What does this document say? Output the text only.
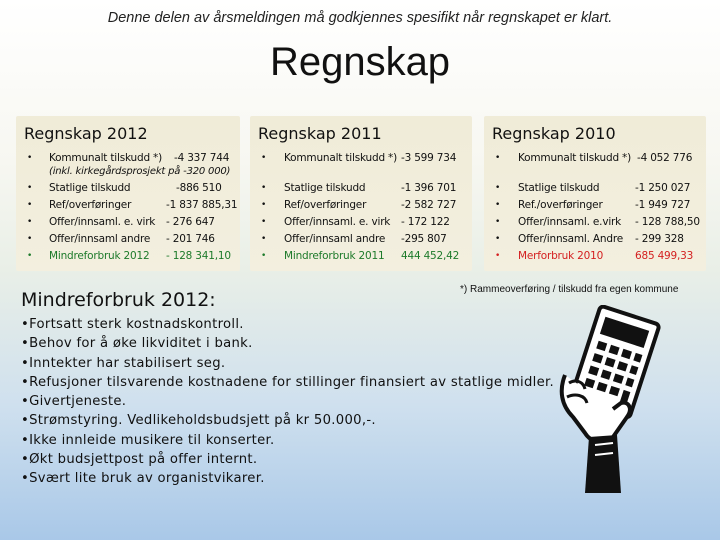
Denne delen av årsmeldingen må godkjennes spesifikt når regnskapet er klart.
Regnskap
Regnskap 2012
• Kommunalt tilskudd *) -4 337 744
(inkl. kirkegårdsprosjekt på -320 000)
• Statlige tilskudd	-886 510
• Ref/overføringer	-1 837 885,31
• Offer/innsaml. e. virk - 276 647
• Offer/innsaml andre - 201 746
• Mindreforbruk 2012 - 128 341,10
Regnskap 2011
• Kommunalt tilskudd *) -3 599 734
• Statlige tilskudd	-1 396 701
• Ref/overføringer	-2 582 727
• Offer/innsaml. e. virk - 172 122
• Offer/innsaml andre -295 807
• Mindreforbruk 2011 444 452,42
Regnskap 2010
• Kommunalt tilskudd *) -4 052 776
• Statlige tilskudd	-1 250 027
• Ref./overføringer	-1 949 727
• Offer/innsaml. e.virk - 128 788,50
• Offer/innsaml. Andre - 299 328
• Merforbruk 2010	685 499,33
*) Rammeoverføring / tilskudd fra egen kommune
Mindreforbruk 2012:
•Fortsatt sterk kostnadskontroll.
•Behov for å øke likviditet i bank.
•Inntekter har stabilisert seg.
•Refusjoner tilsvarende kostnadene for stillinger finansiert av statlige midler.
•Givertjeneste.
•Strømstyring. Vedlikeholdsbudsjett på kr 50.000,-.
•Ikke innleide musikere til konserter.
•Økt budsjettpost på offer internt.
•Svært lite bruk av organistvikarer.
